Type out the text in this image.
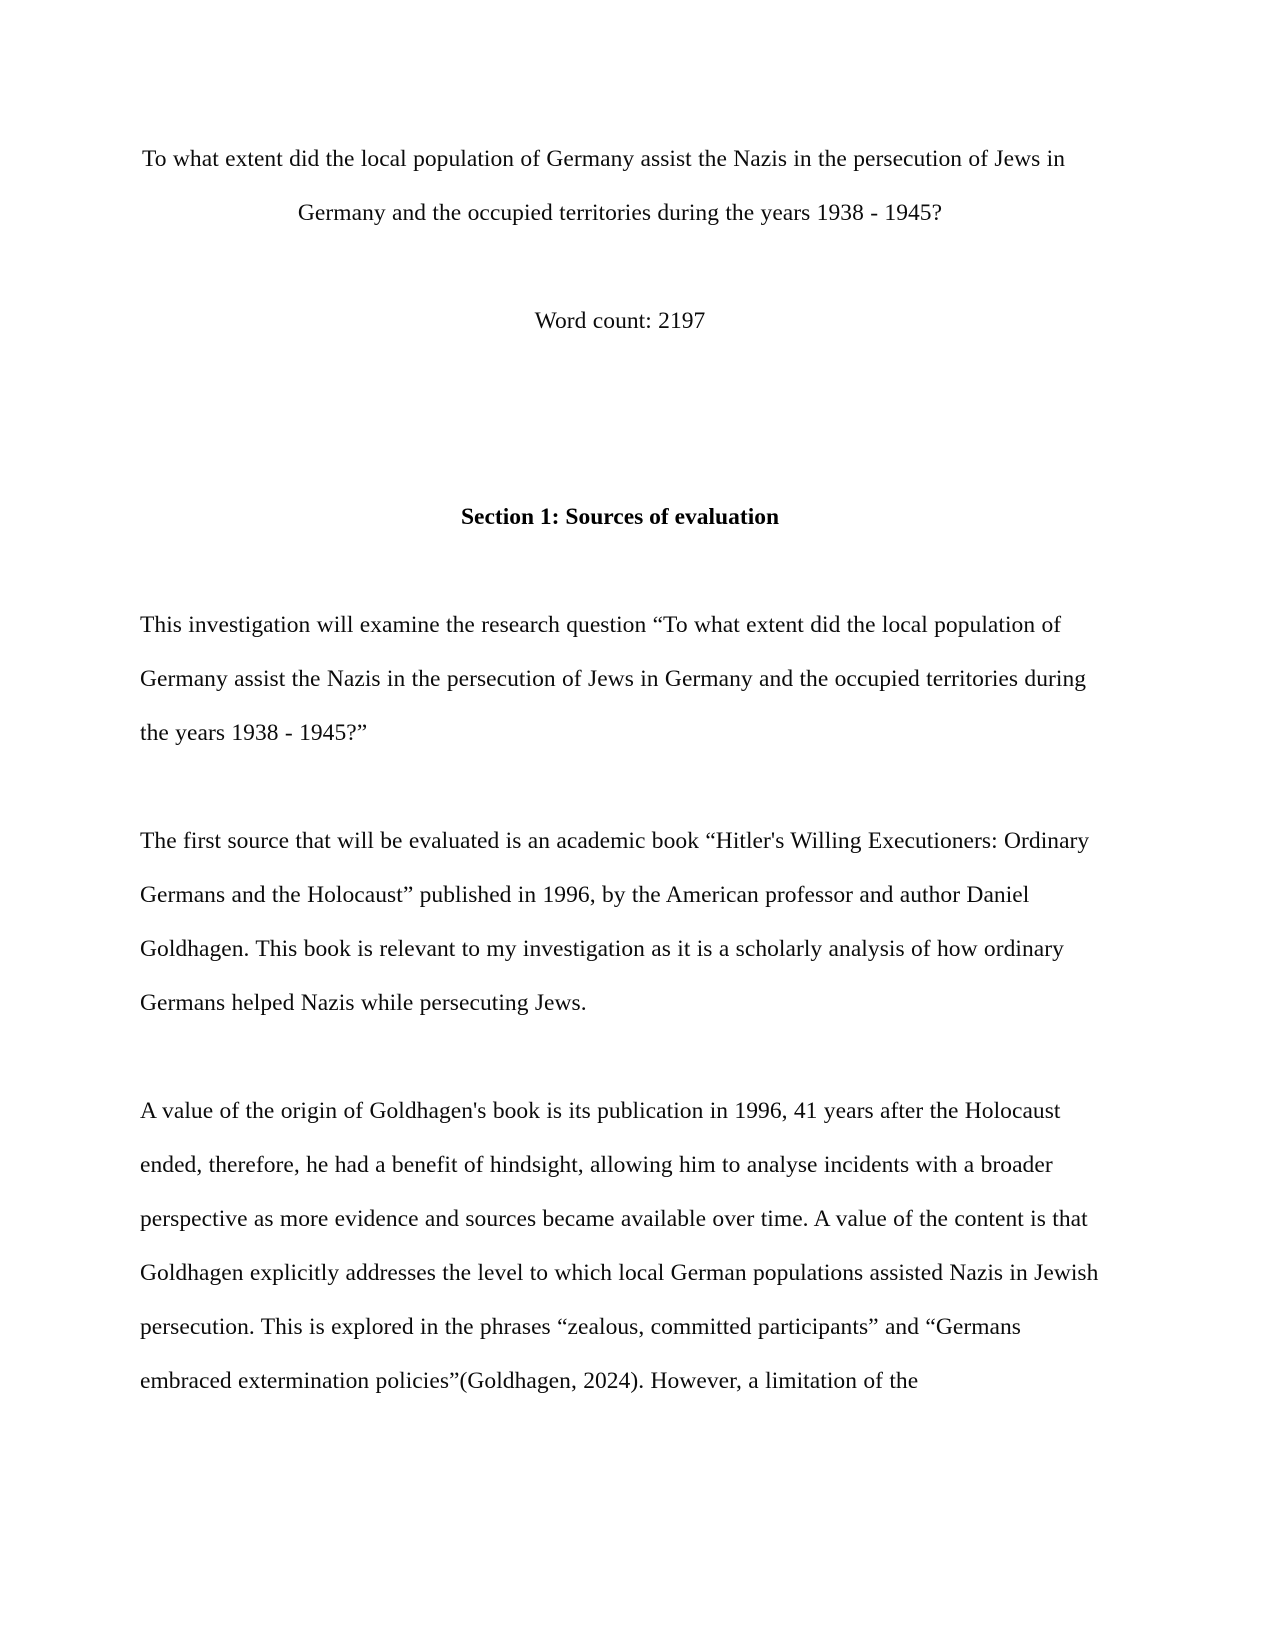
To what extent did the local population of Germany assist the Nazis in the persecution of Jews in
Germany and the occupied territories during the years 1938 - 1945?
Word count: 2197
Section 1: Sources of evaluation

This investigation will examine the research question “To what extent did the local population of Germany assist the Nazis in the persecution of Jews in Germany and the occupied territories during the years 1938 - 1945?”

The first source that will be evaluated is an academic book “Hitler's Willing Executioners: Ordinary Germans and the Holocaust” published in 1996, by the American professor and author Daniel Goldhagen. This book is relevant to my investigation as it is a scholarly analysis of how ordinary Germans helped Nazis while persecuting Jews.

A value of the origin of Goldhagen's book is its publication in 1996, 41 years after the Holocaust ended, therefore, he had a benefit of hindsight, allowing him to analyse incidents with a broader perspective as more evidence and sources became available over time. A value of the content is that Goldhagen explicitly addresses the level to which local German populations assisted Nazis in Jewish persecution. This is explored in the phrases “zealous, committed participants” and “Germans embraced extermination policies”(Goldhagen, 2024). However, a limitation of the
